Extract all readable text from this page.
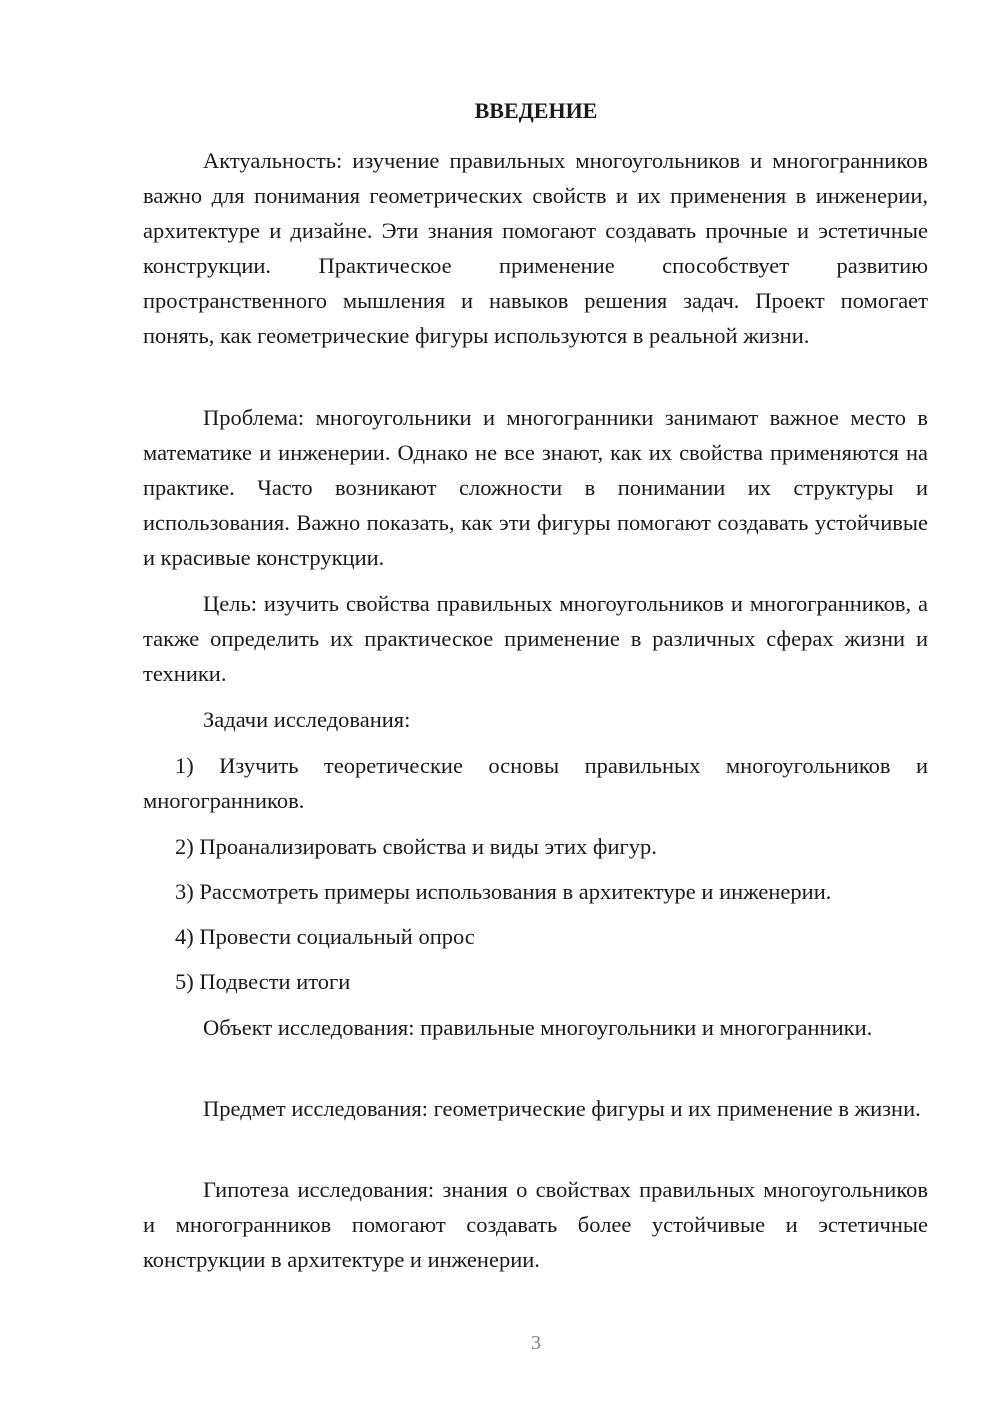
ВВЕДЕНИЕ

Актуальность: изучение правильных многоугольников и многогранников важно для понимания геометрических свойств и их применения в инженерии, архитектуре и дизайне. Эти знания помогают создавать прочные и эстетичные конструкции. Практическое применение способствует развитию пространственного мышления и навыков решения задач. Проект помогает понять, как геометрические фигуры используются в реальной жизни.

Проблема: многоугольники и многогранники занимают важное место в математике и инженерии. Однако не все знают, как их свойства применяются на практике. Часто возникают сложности в понимании их структуры и использования. Важно показать, как эти фигуры помогают создавать устойчивые и красивые конструкции.

Цель: изучить свойства правильных многоугольников и многогранников, а также определить их практическое применение в различных сферах жизни и техники.

Задачи исследования:

1) Изучить теоретические основы правильных многоугольников и многогранников.

2) Проанализировать свойства и виды этих фигур.

3) Рассмотреть примеры использования в архитектуре и инженерии.

4) Провести социальный опрос

5) Подвести итоги

Объект исследования: правильные многоугольники и многогранники.

Предмет исследования: геометрические фигуры и их применение в жизни.

Гипотеза исследования: знания о свойствах правильных многоугольников и многогранников помогают создавать более устойчивые и эстетичные конструкции в архитектуре и инженерии.

3
